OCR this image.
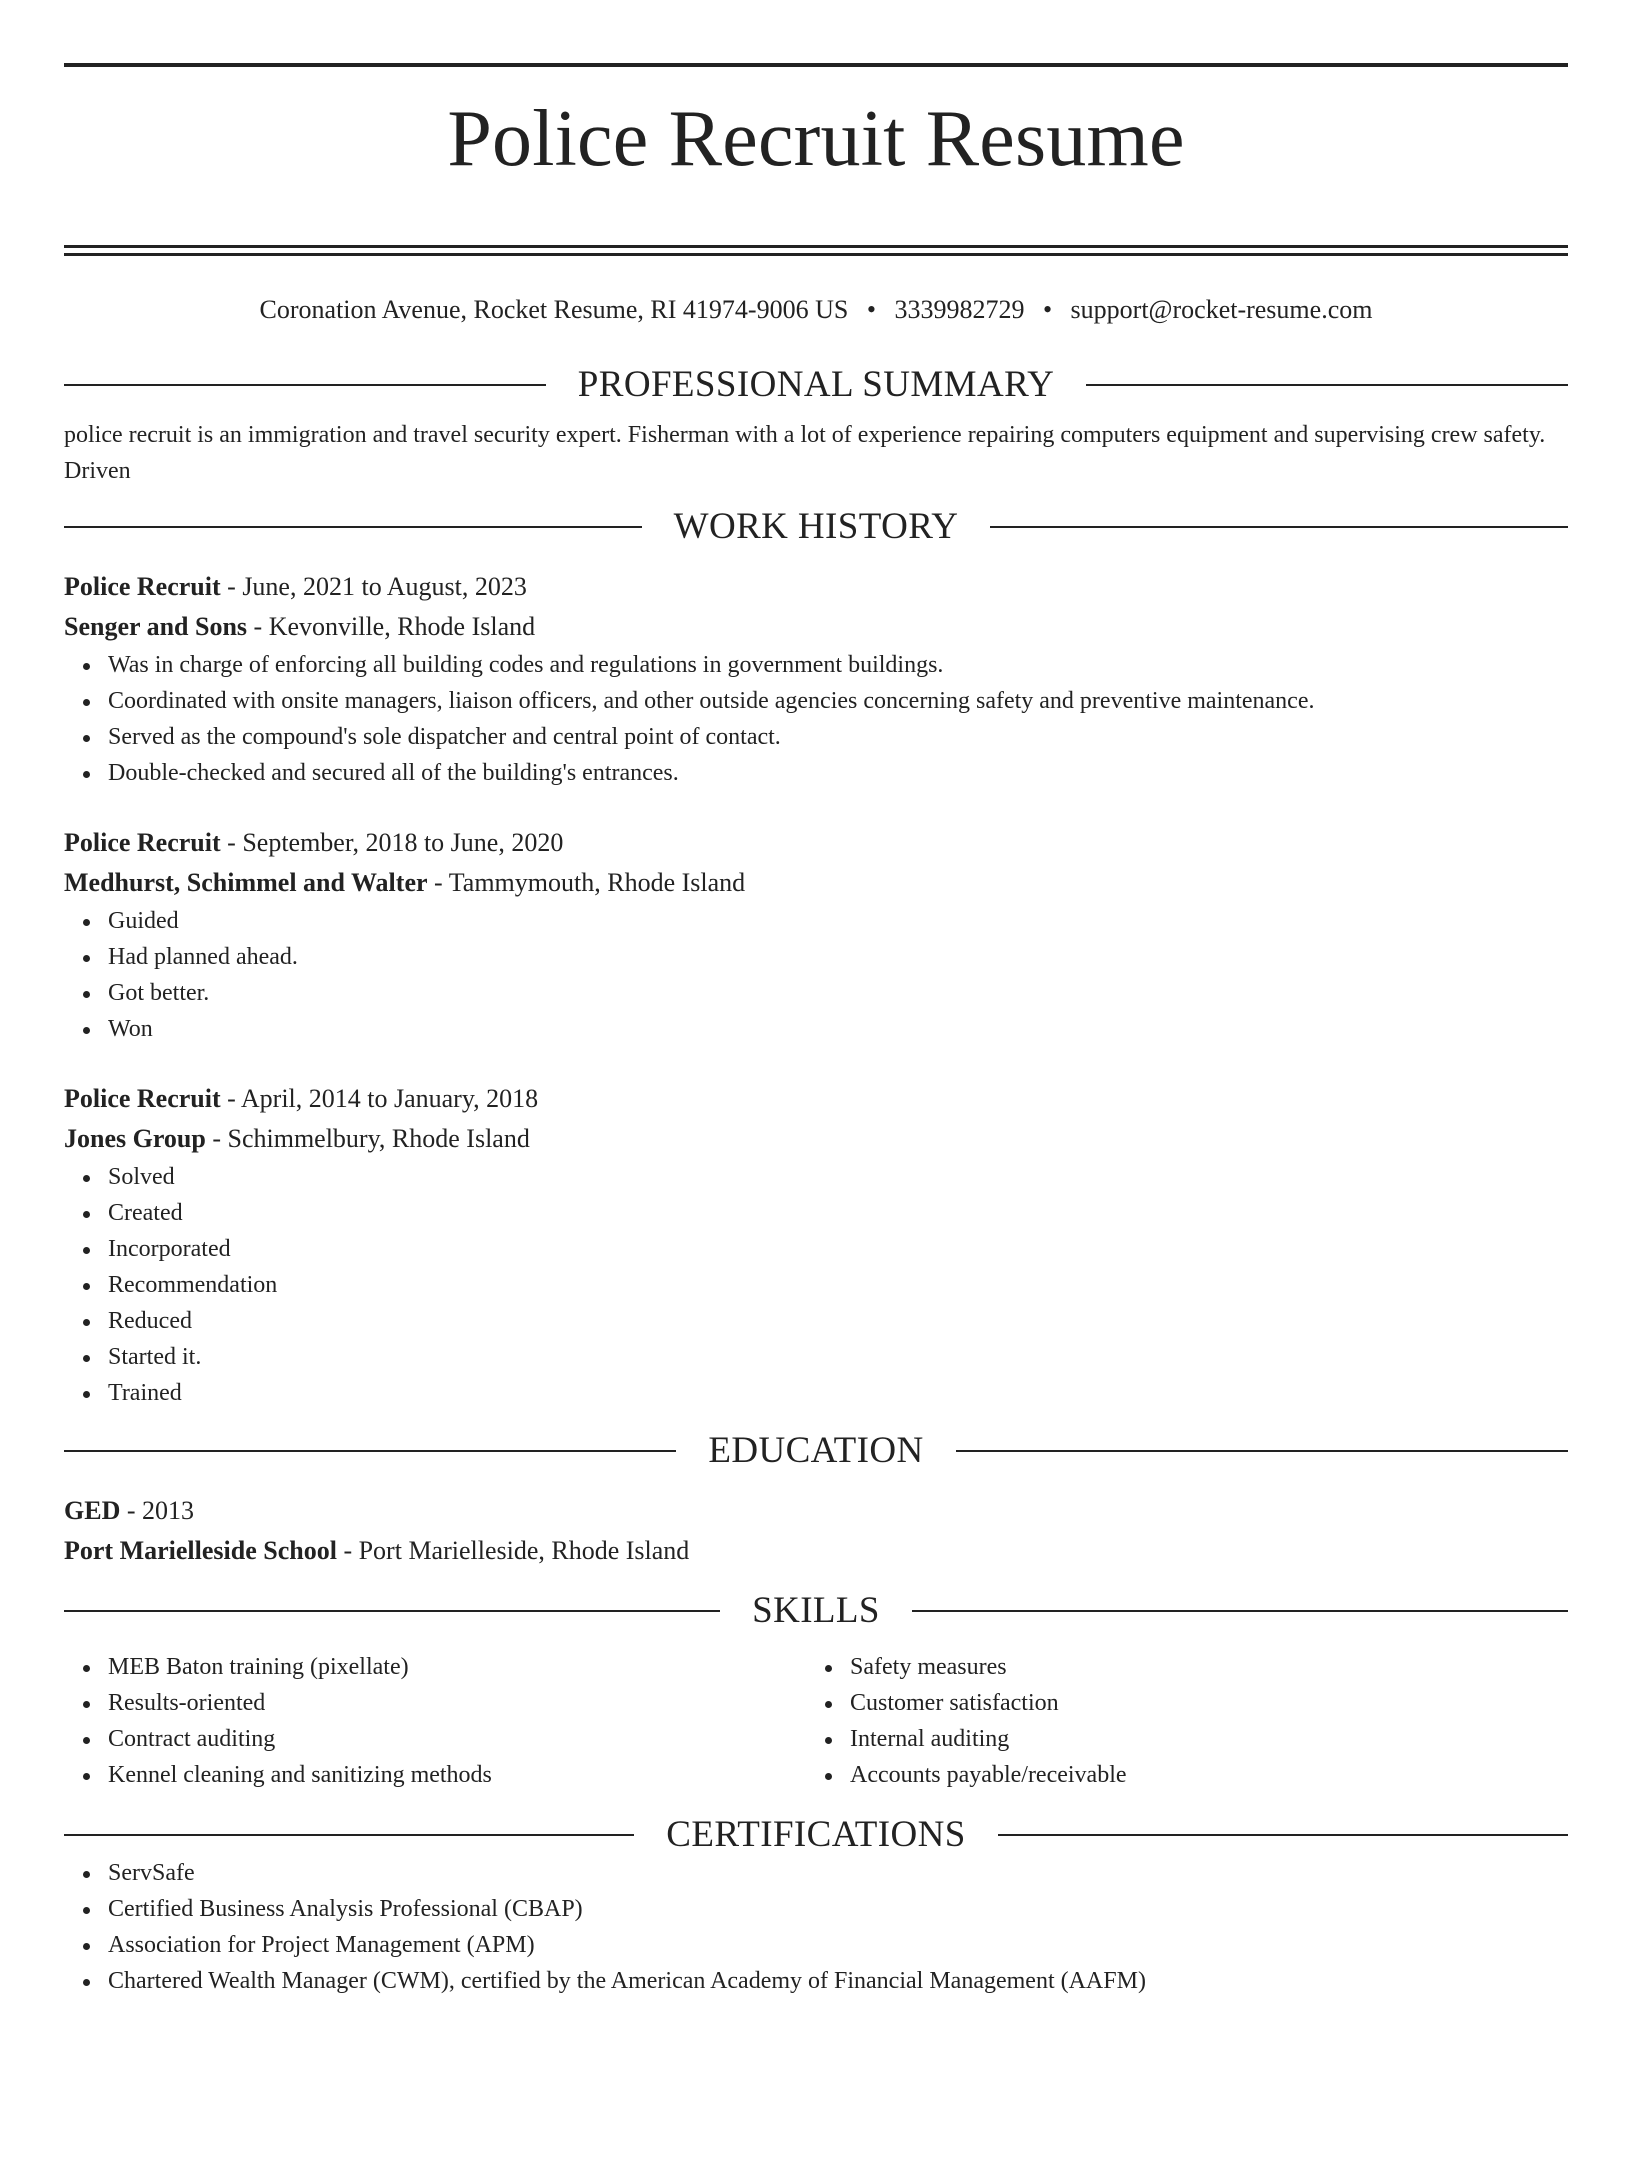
Police Recruit Resume
Coronation Avenue, Rocket Resume, RI 41974-9006 US • 3339982729 • support@rocket-resume.com
PROFESSIONAL SUMMARY

police recruit is an immigration and travel security expert. Fisherman with a lot of experience repairing computers equipment and supervising crew safety. Driven

WORK HISTORY
Police Recruit - June, 2021 to August, 2023
Senger and Sons - Kevonville, Rhode Island
Was in charge of enforcing all building codes and regulations in government buildings.
Coordinated with onsite managers, liaison officers, and other outside agencies concerning safety and preventive maintenance.
Served as the compound's sole dispatcher and central point of contact.
Double-checked and secured all of the building's entrances.
Police Recruit - September, 2018 to June, 2020
Medhurst, Schimmel and Walter - Tammymouth, Rhode Island
Guided
Had planned ahead.
Got better.
Won
Police Recruit - April, 2014 to January, 2018
Jones Group - Schimmelbury, Rhode Island
Solved
Created
Incorporated
Recommendation
Reduced
Started it.
Trained
EDUCATION
GED - 2013
Port Marielleside School - Port Marielleside, Rhode Island
SKILLS
MEB Baton training (pixellate)
Results-oriented
Contract auditing
Kennel cleaning and sanitizing methods
Safety measures
Customer satisfaction
Internal auditing
Accounts payable/receivable
CERTIFICATIONS
ServSafe
Certified Business Analysis Professional (CBAP)
Association for Project Management (APM)
Chartered Wealth Manager (CWM), certified by the American Academy of Financial Management (AAFM)
